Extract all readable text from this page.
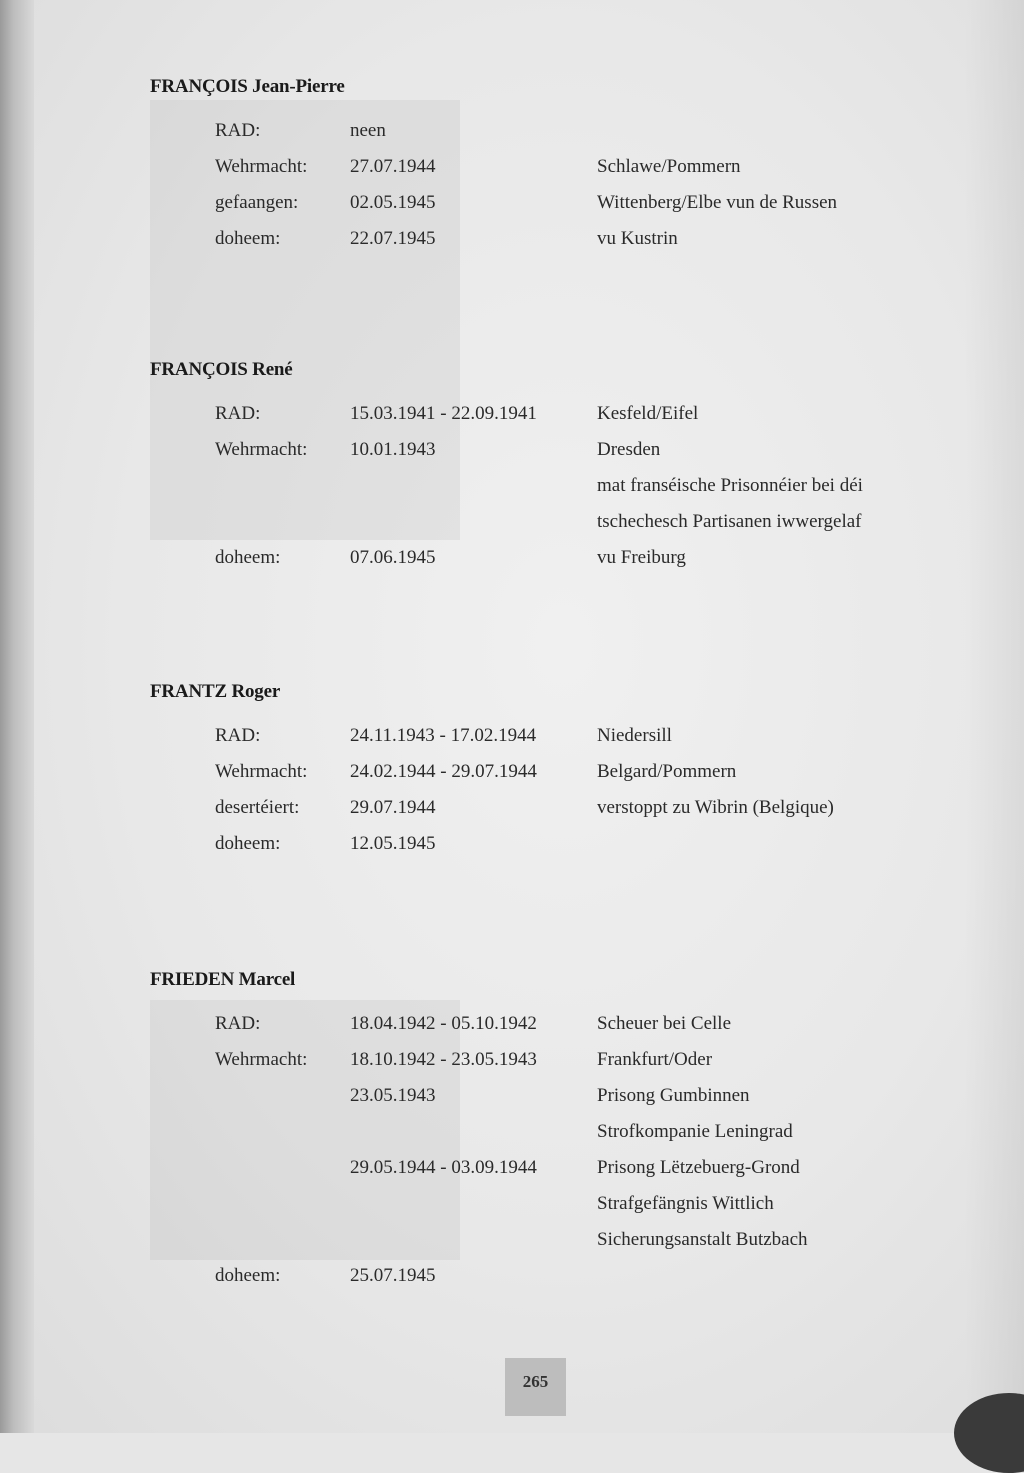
FRANÇOIS Jean-Pierre
RAD:	neen
Wehrmacht: 27.07.1944	Schlawe/Pommern
gefaangen:	02.05.1945	Wittenberg/Elbe vun de Russen
doheem:	22.07.1945	vu Kustrin
FRANÇOIS René
RAD:	15.03.1941 - 22.09.1941	Kesfeld/Eifel
Wehrmacht: 10.01.1943	Dresden
mat franséische Prisonnéier bei déi
tschechesch Partisanen iwwergelaf
doheem:	07.06.1945	vu Freiburg
FRANTZ Roger
RAD:	24.11.1943 - 17.02.1944	Niedersill
Wehrmacht: 24.02.1944 - 29.07.1944	Belgard/Pommern
desertéiert:	29.07.1944	verstoppt zu Wibrin (Belgique)
doheem:	12.05.1945
FRIEDEN Marcel
RAD:	18.04.1942 - 05.10.1942	Scheuer bei Celle
Wehrmacht: 18.10.1942 - 23.05.1943	Frankfurt/Oder
23.05.1943	Prisong Gumbinnen
Strofkompanie Leningrad
29.05.1944 - 03.09.1944	Prisong Lëtzebuerg-Grond
Strafgefängnis Wittlich
Sicherungsanstalt Butzbach
doheem:	25.07.1945
265
